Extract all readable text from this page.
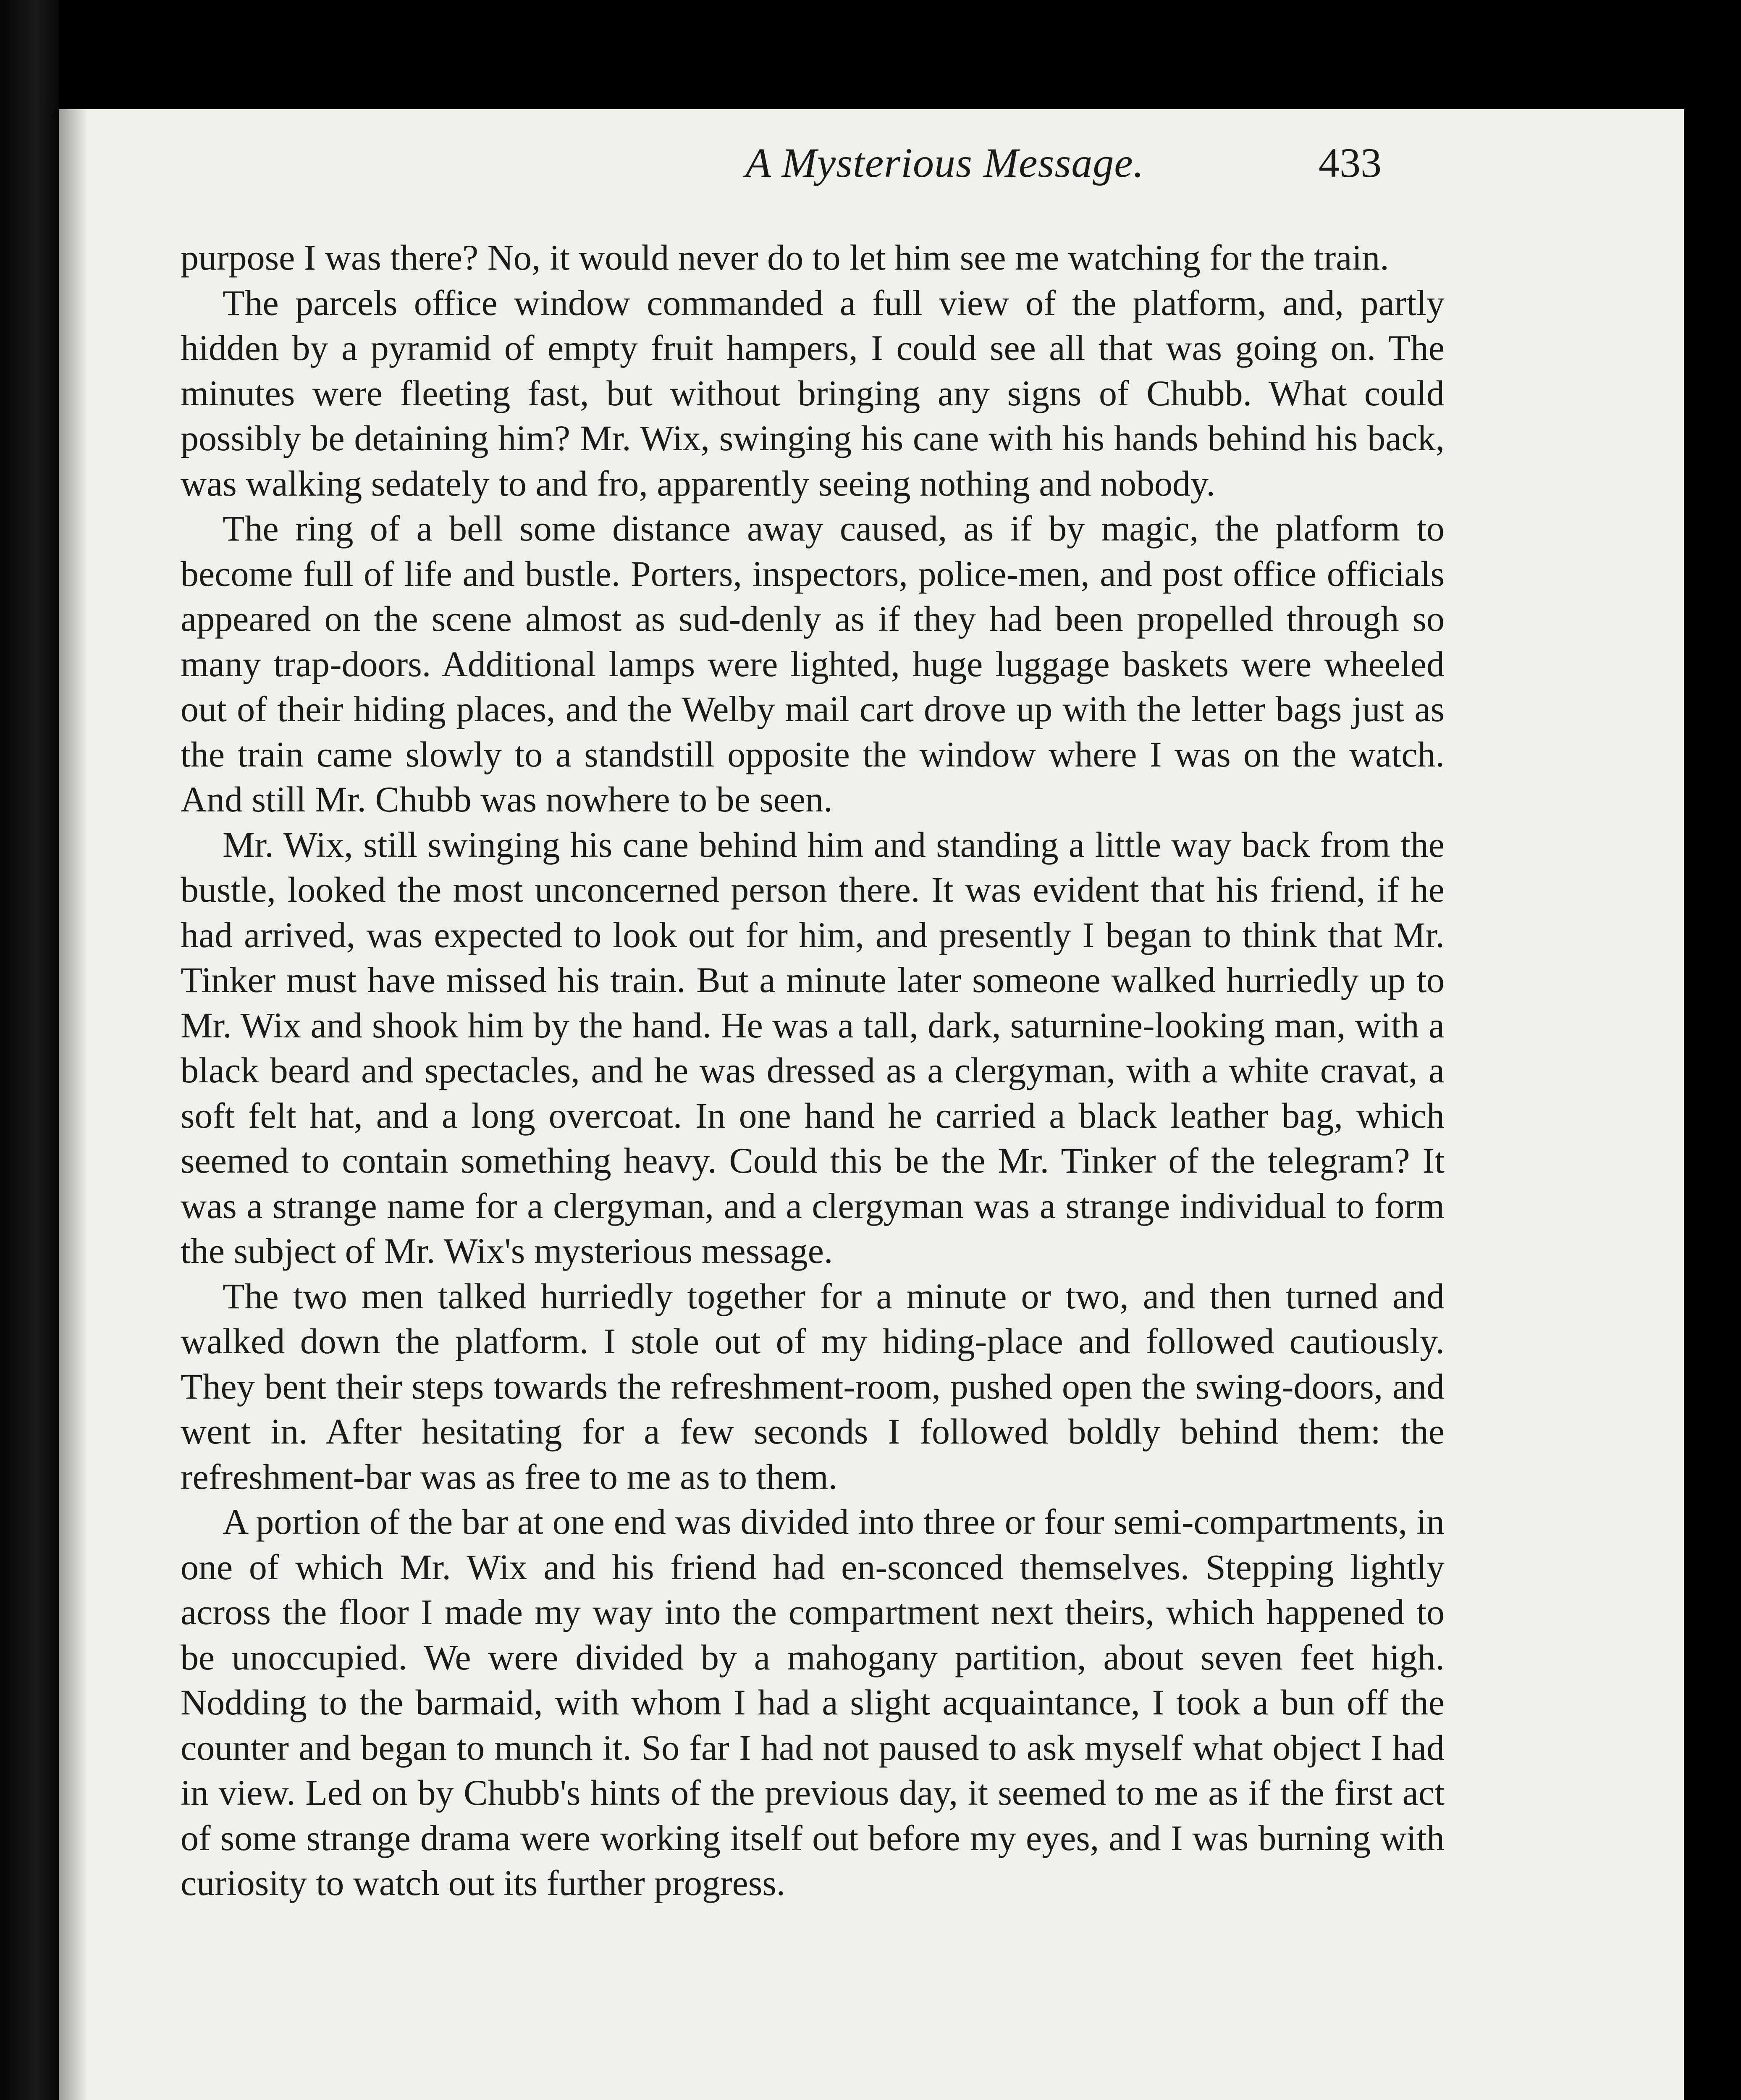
A Mysterious Message.	433

purpose I was there? No, it would never do to let him see me watching for the train.

The parcels office window commanded a full view of the platform, and, partly hidden by a pyramid of empty fruit hampers, I could see all that was going on. The minutes were fleeting fast, but without bringing any signs of Chubb. What could possibly be detaining him? Mr. Wix, swinging his cane with his hands behind his back, was walking sedately to and fro, apparently seeing nothing and nobody.

The ring of a bell some distance away caused, as if by magic, the platform to become full of life and bustle. Porters, inspectors, police-men, and post office officials appeared on the scene almost as sud-denly as if they had been propelled through so many trap-doors. Additional lamps were lighted, huge luggage baskets were wheeled out of their hiding places, and the Welby mail cart drove up with the letter bags just as the train came slowly to a standstill opposite the window where I was on the watch. And still Mr. Chubb was nowhere to be seen.

Mr. Wix, still swinging his cane behind him and standing a little way back from the bustle, looked the most unconcerned person there. It was evident that his friend, if he had arrived, was expected to look out for him, and presently I began to think that Mr. Tinker must have missed his train. But a minute later someone walked hurriedly up to Mr. Wix and shook him by the hand. He was a tall, dark, saturnine-looking man, with a black beard and spectacles, and he was dressed as a clergyman, with a white cravat, a soft felt hat, and a long overcoat. In one hand he carried a black leather bag, which seemed to contain something heavy. Could this be the Mr. Tinker of the telegram? It was a strange name for a clergyman, and a clergyman was a strange individual to form the subject of Mr. Wix's mysterious message.

The two men talked hurriedly together for a minute or two, and then turned and walked down the platform. I stole out of my hiding-place and followed cautiously. They bent their steps towards the refreshment-room, pushed open the swing-doors, and went in. After hesitating for a few seconds I followed boldly behind them: the refreshment-bar was as free to me as to them.

A portion of the bar at one end was divided into three or four semi-compartments, in one of which Mr. Wix and his friend had en-sconced themselves. Stepping lightly across the floor I made my way into the compartment next theirs, which happened to be unoccupied. We were divided by a mahogany partition, about seven feet high. Nodding to the barmaid, with whom I had a slight acquaintance, I took a bun off the counter and began to munch it. So far I had not paused to ask myself what object I had in view. Led on by Chubb's hints of the previous day, it seemed to me as if the first act of some strange drama were working itself out before my eyes, and I was burning with curiosity to watch out its further progress.
